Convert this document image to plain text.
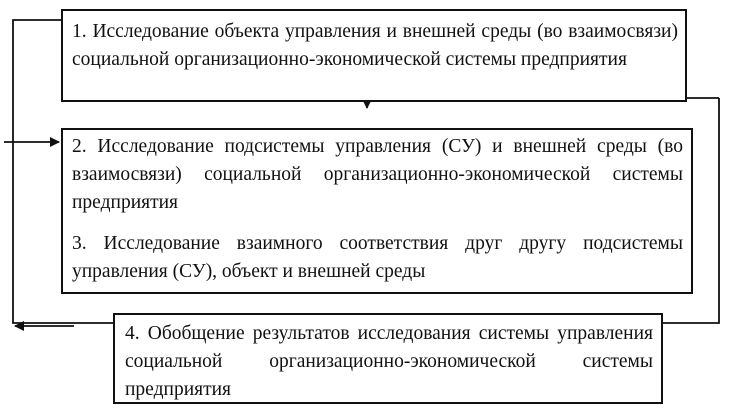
1. Исследование объекта управления и внешней среды (во взаимосвязи) социальной организационно-экономической системы предприятия

2. Исследование подсистемы управления (СУ) и внешней среды (во взаимосвязи) социальной организационно-экономической системы предприятия

3. Исследование взаимного соответствия друг другу подсистемы управления (СУ), объект и внешней среды

4. Обобщение результатов исследования системы управления социальной организационно-экономической системы предприятия
